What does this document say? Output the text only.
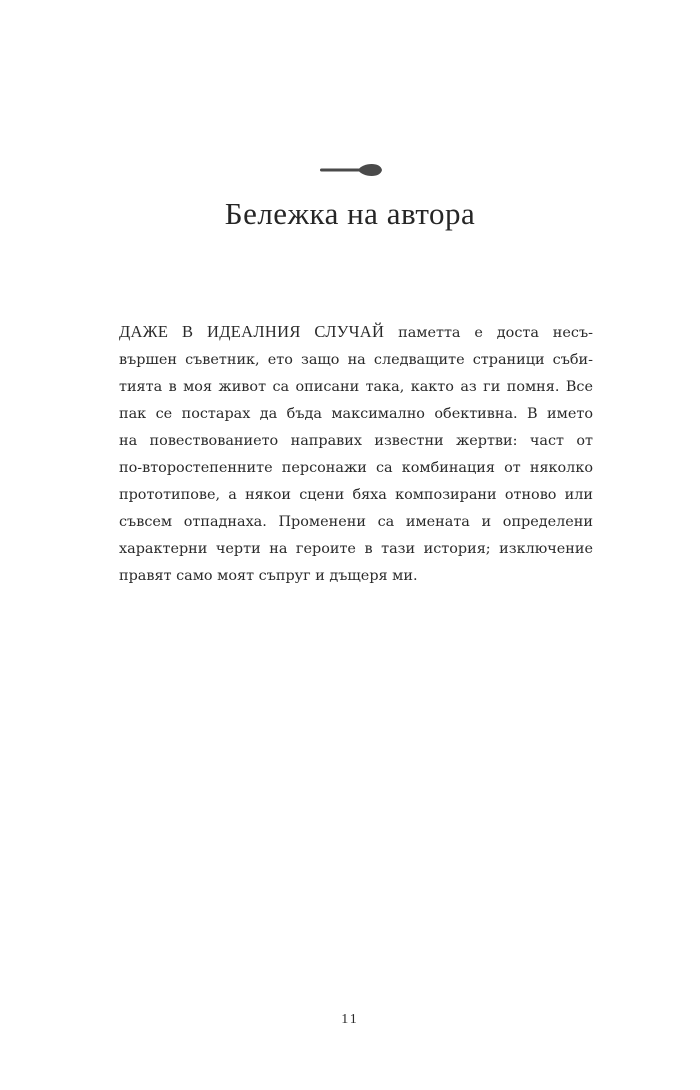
Бележка на автора
ДАЖЕ В ИДЕАЛНИЯ СЛУЧАЙ паметта е доста несъ-
вършен съветник, ето защо на следващите страници съби-
тията в моя живот са описани така, както аз ги помня. Все
пак се постарах да бъда максимално обективна. В името
на повествованието направих известни жертви: част от
по-второстепенните персонажи са комбинация от няколко
прототипове, а някои сцени бяха композирани отново или
съвсем отпаднаха. Променени са имената и определени
характерни черти на героите в тази история; изключение
правят само моят съпруг и дъщеря ми.
11
